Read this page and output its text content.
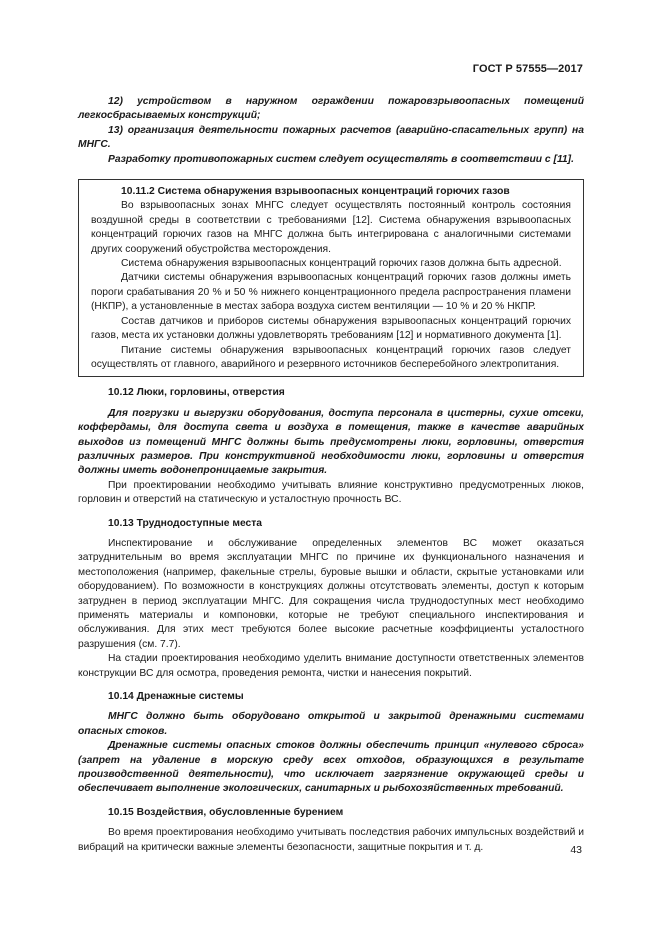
ГОСТ Р 57555—2017

12) устройством в наружном ограждении пожаровзрывоопасных помещений легкосбрасываемых конструкций;

13) организация деятельности пожарных расчетов (аварийно-спасательных групп) на МНГС.

Разработку противопожарных систем следует осуществлять в соответствии с [11].

10.11.2 Система обнаружения взрывоопасных концентраций горючих газов

Во взрывоопасных зонах МНГС следует осуществлять постоянный контроль состояния воздушной среды в соответствии с требованиями [12]. Система обнаружения взрывоопасных концентраций горючих газов на МНГС должна быть интегрирована с аналогичными системами других сооружений обустройства месторождения.

Система обнаружения взрывоопасных концентраций горючих газов должна быть адресной.

Датчики системы обнаружения взрывоопасных концентраций горючих газов должны иметь пороги срабатывания 20 % и 50 % нижнего концентрационного предела распространения пламени (НКПР), а установленные в местах забора воздуха систем вентиляции — 10 % и 20 % НКПР.

Состав датчиков и приборов системы обнаружения взрывоопасных концентраций горючих газов, места их установки должны удовлетворять требованиям [12] и нормативного документа [1].

Питание системы обнаружения взрывоопасных концентраций горючих газов следует осуществлять от главного, аварийного и резервного источников бесперебойного электропитания.

10.12 Люки, горловины, отверстия

Для погрузки и выгрузки оборудования, доступа персонала в цистерны, сухие отсеки, коффердамы, для доступа света и воздуха в помещения, также в качестве аварийных выходов из помещений МНГС должны быть предусмотрены люки, горловины, отверстия различных размеров. При конструктивной необходимости люки, горловины и отверстия должны иметь водонепроницаемые закрытия.

При проектировании необходимо учитывать влияние конструктивно предусмотренных люков, горловин и отверстий на статическую и усталостную прочность ВС.

10.13 Труднодоступные места

Инспектирование и обслуживание определенных элементов ВС может оказаться затруднительным во время эксплуатации МНГС по причине их функционального назначения и местоположения (например, факельные стрелы, буровые вышки и области, скрытые установками или оборудованием). По возможности в конструкциях должны отсутствовать элементы, доступ к которым затруднен в период эксплуатации МНГС. Для сокращения числа труднодоступных мест необходимо применять материалы и компоновки, которые не требуют специального инспектирования и обслуживания. Для этих мест требуются более высокие расчетные коэффициенты усталостного разрушения (см. 7.7).

На стадии проектирования необходимо уделить внимание доступности ответственных элементов конструкции ВС для осмотра, проведения ремонта, чистки и нанесения покрытий.

10.14 Дренажные системы

МНГС должно быть оборудовано открытой и закрытой дренажными системами опасных стоков.

Дренажные системы опасных стоков должны обеспечить принцип «нулевого сброса» (запрет на удаление в морскую среду всех отходов, образующихся в результате производственной деятельности), что исключает загрязнение окружающей среды и обеспечивает выполнение экологических, санитарных и рыбохозяйственных требований.

10.15 Воздействия, обусловленные бурением

Во время проектирования необходимо учитывать последствия рабочих импульсных воздействий и вибраций на критически важные элементы безопасности, защитные покрытия и т. д.	43
